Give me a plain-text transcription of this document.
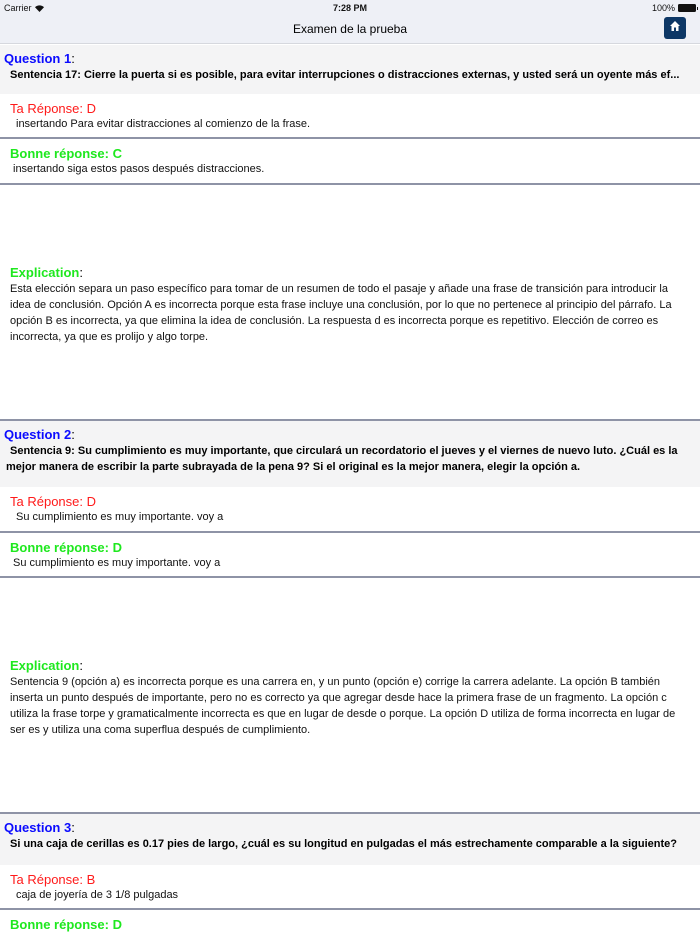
Carrier	7:28 PM	100%
Examen de la prueba
Question 1:
Sentencia 17: Cierre la puerta si es posible, para evitar interrupciones o distracciones externas, y usted será un oyente más ef...
Ta Réponse: D
insertando Para evitar distracciones al comienzo de la frase.
Bonne réponse: C
insertando siga estos pasos después distracciones.
Explication:
Esta elección separa un paso específico para tomar de un resumen de todo el pasaje y añade una frase de transición para introducir la idea de conclusión. Opción A es incorrecta porque esta frase incluye una conclusión, por lo que no pertenece al principio del párrafo. La opción B es incorrecta, ya que elimina la idea de conclusión. La respuesta d es incorrecta porque es repetitivo. Elección de correo es incorrecta, ya que es prolijo y algo torpe.
Question 2:
Sentencia 9: Su cumplimiento es muy importante, que circulará un recordatorio el jueves y el viernes de nuevo luto. ¿Cuál es la mejor manera de escribir la parte subrayada de la pena 9? Si el original es la mejor manera, elegir la opción a.
Ta Réponse: D
Su cumplimiento es muy importante. voy a
Bonne réponse: D
Su cumplimiento es muy importante. voy a
Explication:
Sentencia 9 (opción a) es incorrecta porque es una carrera en, y un punto (opción e) corrige la carrera adelante. La opción B también inserta un punto después de importante, pero no es correcto ya que agregar desde hace la primera frase de un fragmento. La opción c utiliza la frase torpe y gramaticalmente incorrecta es que en lugar de desde o porque. La opción D utiliza de forma incorrecta en lugar de ser es y utiliza una coma superflua después de cumplimiento.
Question 3:
Si una caja de cerillas es 0.17 pies de largo, ¿cuál es su longitud en pulgadas el más estrechamente comparable a la siguiente?
Ta Réponse: B
caja de joyería de 3 1/8 pulgadas
Bonne réponse: D
